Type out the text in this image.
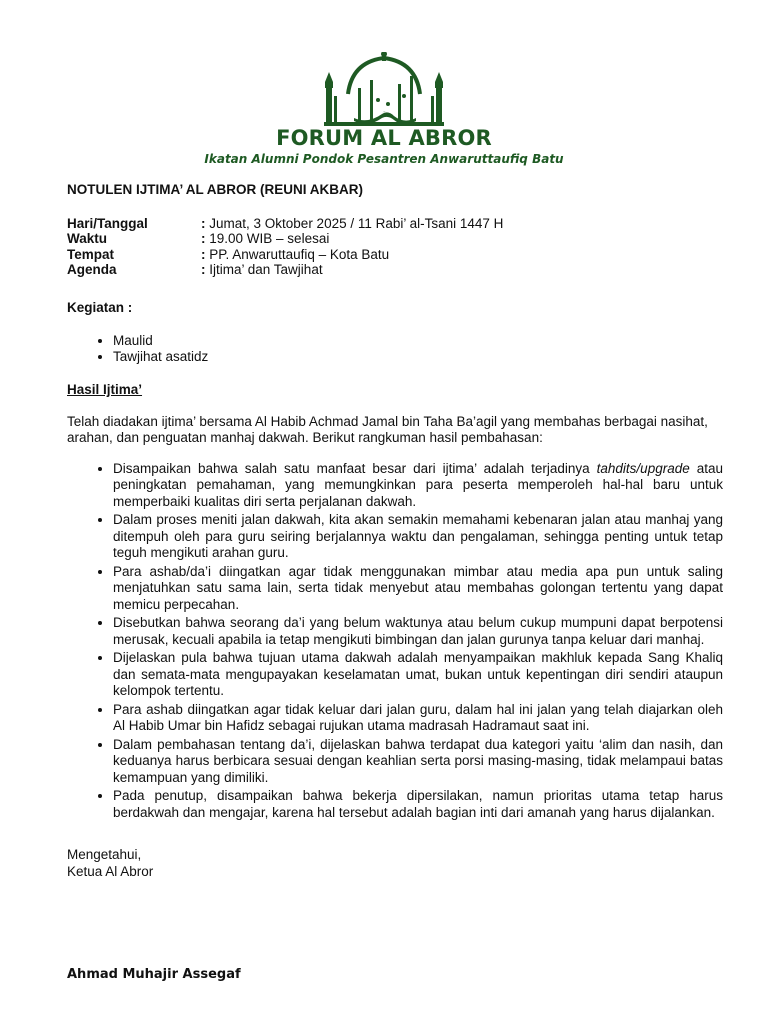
الأبرار
FORUM AL ABROR
Ikatan Alumni Pondok Pesantren Anwaruttaufiq Batu
NOTULEN IJTIMA’ AL ABROR (REUNI AKBAR)
Hari/Tanggal	: Jumat, 3 Oktober 2025 / 11 Rabi’ al-Tsani 1447 H
Waktu	: 19.00 WIB – selesai
Tempat	: PP. Anwaruttaufiq – Kota Batu
Agenda	: Ijtima’ dan Tawjihat
Kegiatan :
• Maulid
• Tawjihat asatidz
Hasil Ijtima’
Telah diadakan ijtima’ bersama Al Habib Achmad Jamal bin Taha Ba’agil yang membahas berbagai nasihat, arahan, dan penguatan manhaj dakwah. Berikut rangkuman hasil pembahasan:
• Disampaikan bahwa salah satu manfaat besar dari ijtima’ adalah terjadinya tahdits/upgrade atau peningkatan pemahaman, yang memungkinkan para peserta memperoleh hal-hal baru untuk memperbaiki kualitas diri serta perjalanan dakwah.
• Dalam proses meniti jalan dakwah, kita akan semakin memahami kebenaran jalan atau manhaj yang ditempuh oleh para guru seiring berjalannya waktu dan pengalaman, sehingga penting untuk tetap teguh mengikuti arahan guru.
• Para ashab/da’i diingatkan agar tidak menggunakan mimbar atau media apa pun untuk saling menjatuhkan satu sama lain, serta tidak menyebut atau membahas golongan tertentu yang dapat memicu perpecahan.
• Disebutkan bahwa seorang da’i yang belum waktunya atau belum cukup mumpuni dapat berpotensi merusak, kecuali apabila ia tetap mengikuti bimbingan dan jalan gurunya tanpa keluar dari manhaj.
• Dijelaskan pula bahwa tujuan utama dakwah adalah menyampaikan makhluk kepada Sang Khaliq dan semata-mata mengupayakan keselamatan umat, bukan untuk kepentingan diri sendiri ataupun kelompok tertentu.
• Para ashab diingatkan agar tidak keluar dari jalan guru, dalam hal ini jalan yang telah diajarkan oleh Al Habib Umar bin Hafidz sebagai rujukan utama madrasah Hadramaut saat ini.
• Dalam pembahasan tentang da’i, dijelaskan bahwa terdapat dua kategori yaitu ‘alim dan nasih, dan keduanya harus berbicara sesuai dengan keahlian serta porsi masing-masing, tidak melampaui batas kemampuan yang dimiliki.
• Pada penutup, disampaikan bahwa bekerja dipersilakan, namun prioritas utama tetap harus berdakwah dan mengajar, karena hal tersebut adalah bagian inti dari amanah yang harus dijalankan.
Mengetahui,
Ketua Al Abror
Ahmad Muhajir Assegaf
